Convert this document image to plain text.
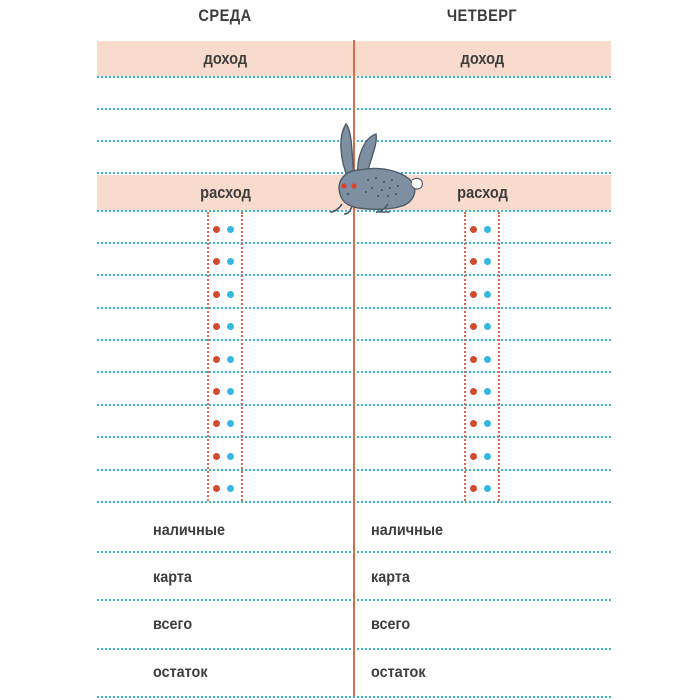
СРЕДА	ЧЕТВЕРГ
доход	доход
расход	расход
наличные	наличные
карта	карта
всего	всего
остаток	остаток
